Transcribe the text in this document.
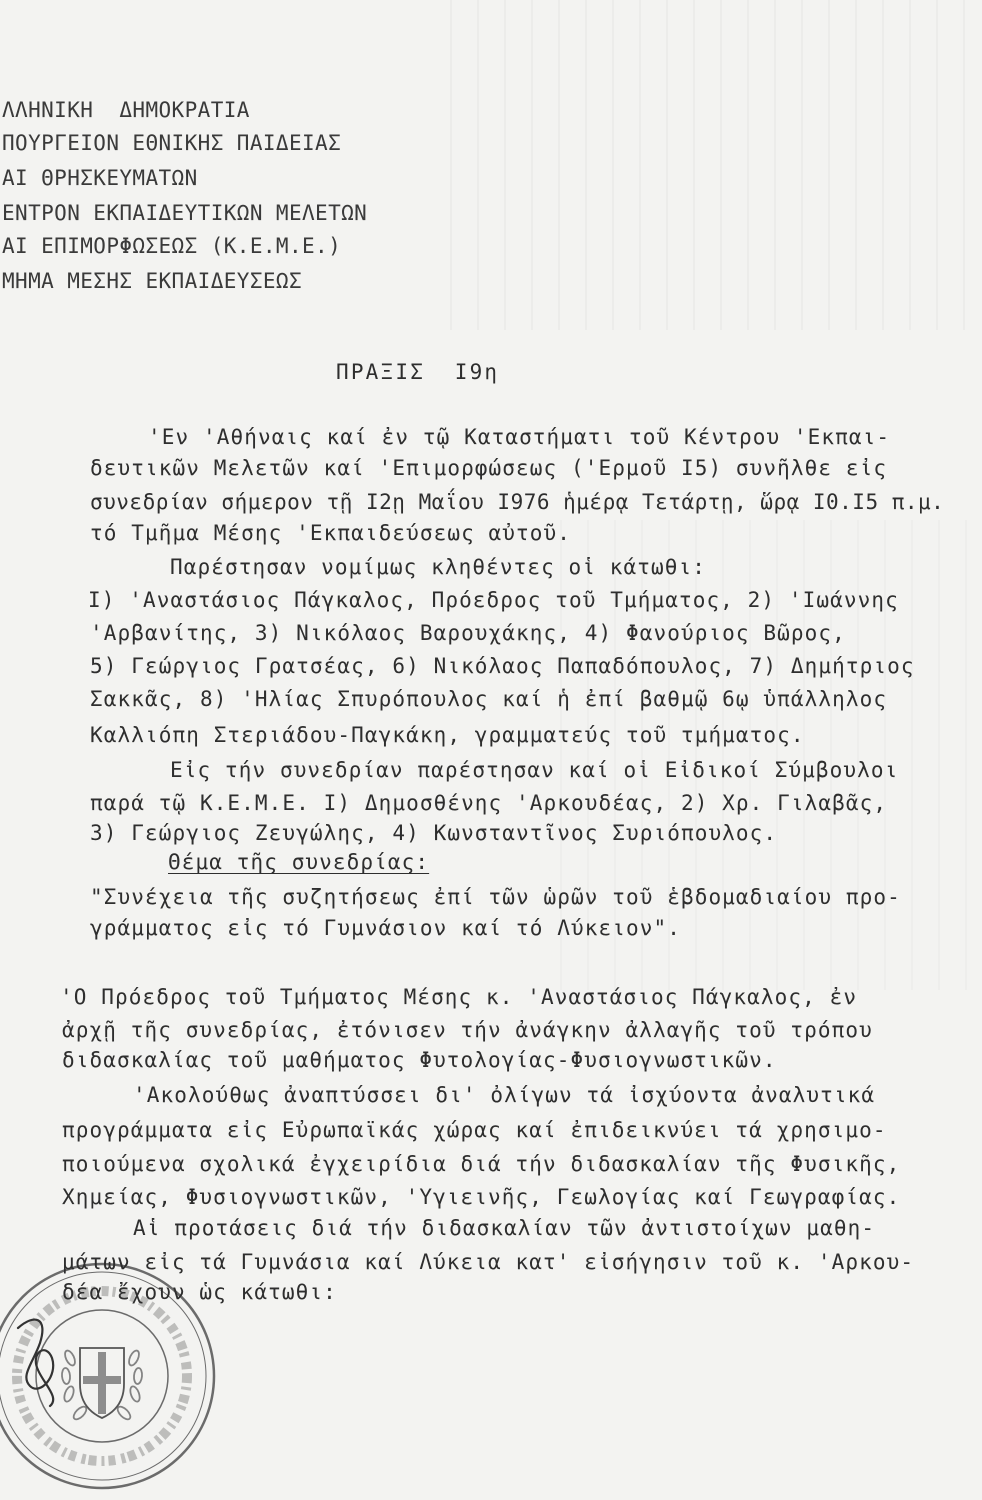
ΛΛΗΝΙΚΗ  ΔΗΜΟΚΡΑΤΙΑ
ΠΟΥΡΓΕΙΟΝ ΕΘΝΙΚΗΣ ΠΑΙΔΕΙΑΣ
ΑΙ ΘΡΗΣΚΕΥΜΑΤΩΝ
ΕΝΤΡΟΝ ΕΚΠΑΙΔΕΥΤΙΚΩΝ ΜΕΛΕΤΩΝ
ΑΙ ΕΠΙΜΟΡΦΩΣΕΩΣ (Κ.Ε.Μ.Ε.)
ΜΗΜΑ ΜΕΣΗΣ ΕΚΠΑΙΔΕΥΣΕΩΣ
ΠΡΑΞΙΣ  Ι9η
'Εν 'Αθήναις καί ἐν τῷ Καταστήματι τοῦ Κέντρου 'Εκπαι-
δευτικῶν Μελετῶν καί 'Επιμορφώσεως ('Ερμοῦ Ι5) συνῆλθε εἰς
συνεδρίαν σήμερον τῇ Ι2ῃ Μαΐου Ι976 ἡμέρᾳ Τετάρτῃ, ὥρᾳ Ι0.Ι5 π.μ.
τό Τμῆμα Μέσης 'Εκπαιδεύσεως αὐτοῦ.
Παρέστησαν νομίμως κληθέντες οἱ κάτωθι:
Ι) 'Αναστάσιος Πάγκαλος, Πρόεδρος τοῦ Τμήματος, 2) 'Ιωάννης
'Αρβανίτης, 3) Νικόλαος Βαρουχάκης, 4) Φανούριος Βῶρος,
5) Γεώργιος Γρατσέας, 6) Νικόλαος Παπαδόπουλος, 7) Δημήτριος
Σακκᾶς, 8) 'Ηλίας Σπυρόπουλος καί ἡ ἐπί βαθμῷ 6ῳ ὑπάλληλος
Καλλιόπη Στεριάδου-Παγκάκη, γραμματεύς τοῦ τμήματος.
Εἰς τήν συνεδρίαν παρέστησαν καί οἱ Εἰδικοί Σύμβουλοι
παρά τῷ Κ.Ε.Μ.Ε. Ι) Δημοσθένης 'Αρκουδέας, 2) Χρ. Γιλαβᾶς,
3) Γεώργιος Ζευγώλης, 4) Κωνσταντῖνος Συριόπουλος.
Θέμα τῆς συνεδρίας:
"Συνέχεια τῆς συζητήσεως ἐπί τῶν ὡρῶν τοῦ ἑβδομαδιαίου προ-
γράμματος εἰς τό Γυμνάσιον καί τό Λύκειον".
'Ο Πρόεδρος τοῦ Τμήματος Μέσης κ. 'Αναστάσιος Πάγκαλος, ἐν
ἀρχῇ τῆς συνεδρίας, ἐτόνισεν τήν ἀνάγκην ἀλλαγῆς τοῦ τρόπου
διδασκαλίας τοῦ μαθήματος Φυτολογίας-Φυσιογνωστικῶν.
'Ακολούθως ἀναπτύσσει δι' ὀλίγων τά ἰσχύοντα ἀναλυτικά
προγράμματα εἰς Εὐρωπαϊκάς χώρας καί ἐπιδεικνύει τά χρησιμο-
ποιούμενα σχολικά ἐγχειρίδια διά τήν διδασκαλίαν τῆς Φυσικῆς,
Χημείας, Φυσιογνωστικῶν, 'Υγιεινῆς, Γεωλογίας καί Γεωγραφίας.
Αἱ προτάσεις διά τήν διδασκαλίαν τῶν ἀντιστοίχων μαθη-
μάτων εἰς τά Γυμνάσια καί Λύκεια κατ' εἰσήγησιν τοῦ κ. 'Αρκου-
δέα ἔχουν ὡς κάτωθι:
